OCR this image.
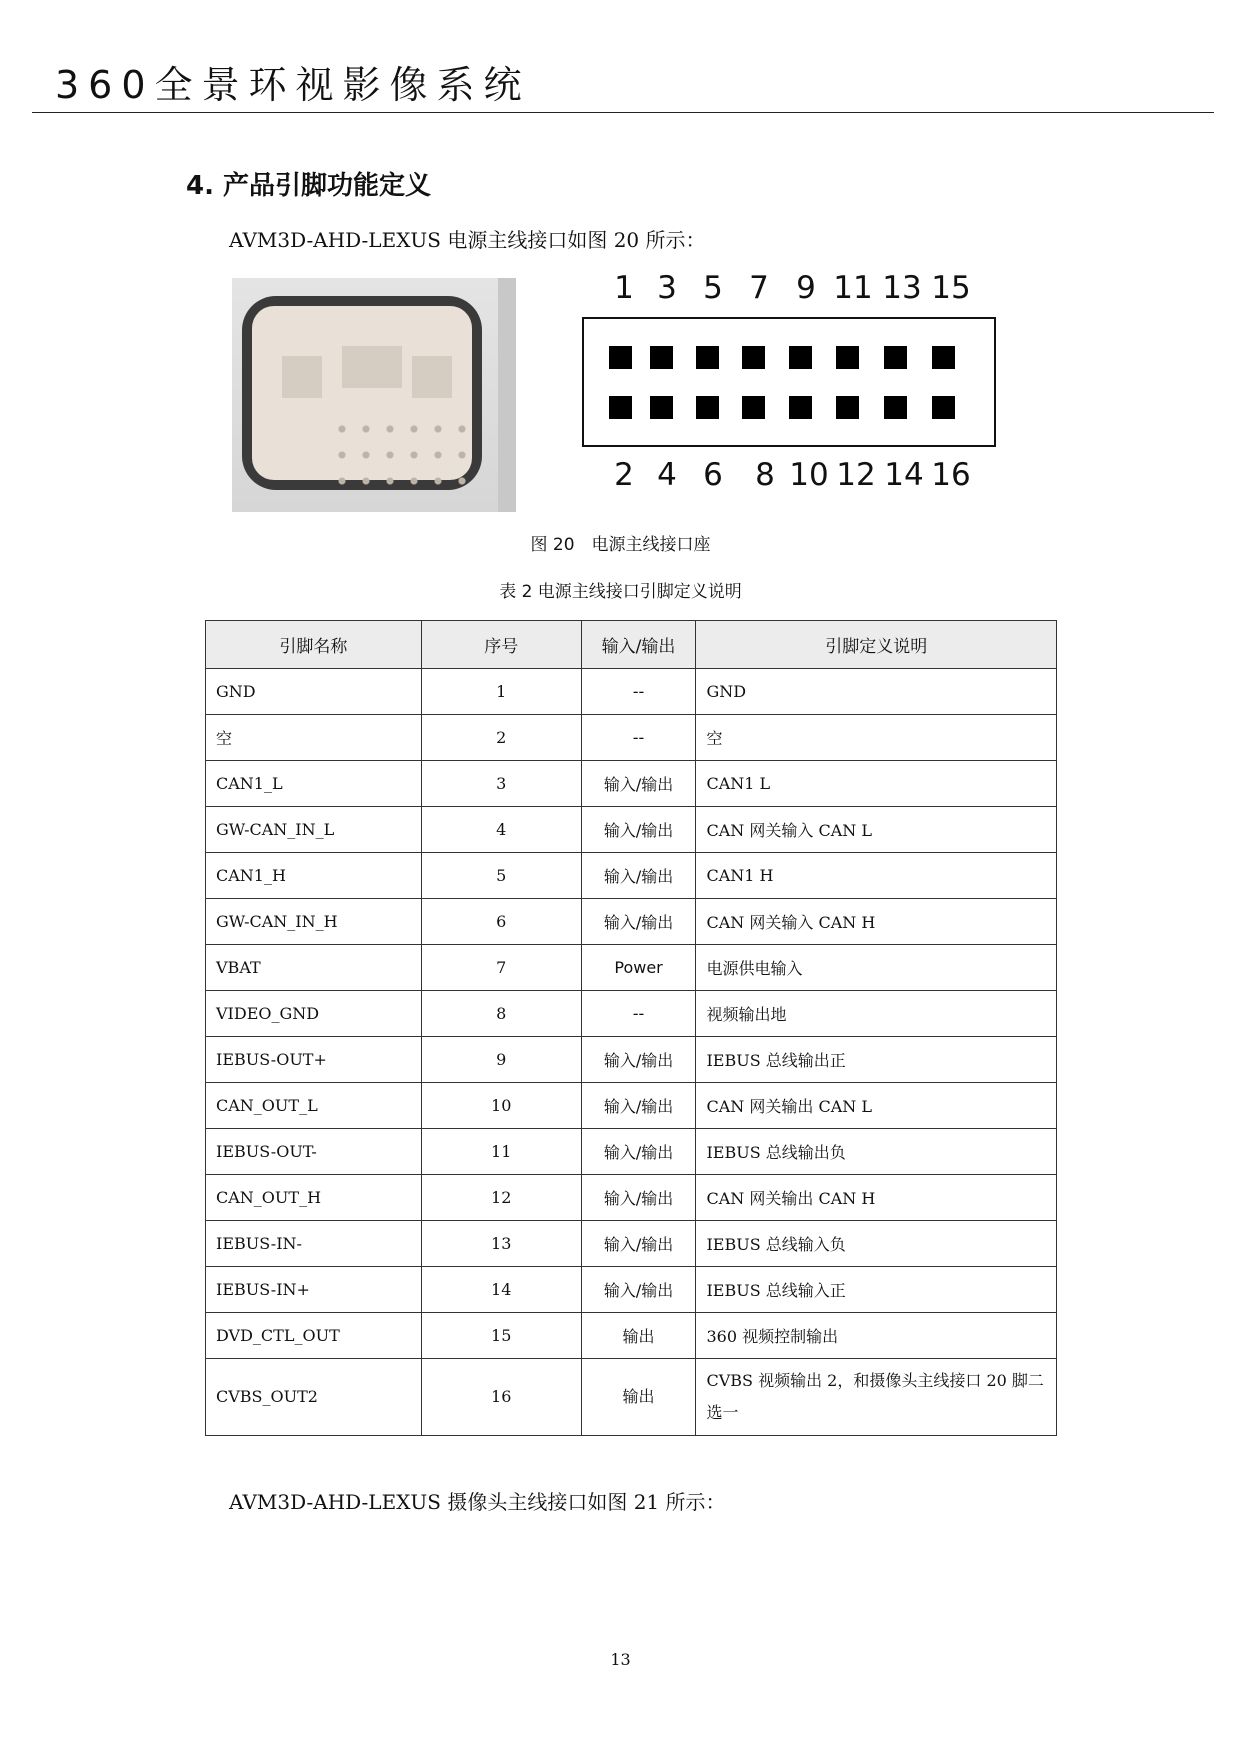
360全景环视影像系统
4. 产品引脚功能定义
AVM3D-AHD-LEXUS 电源主线接口如图 20 所示：
1 3 5 7 9 11 13 15
2 4 6 8 10 12 14 16
图 20　电源主线接口座
表 2 电源主线接口引脚定义说明
引脚名称	序号	输入/输出	引脚定义说明
GND	1	--	GND
空	2	--	空
CAN1_L	3	输入/输出	CAN1 L
GW-CAN_IN_L	4	输入/输出	CAN 网关输入 CAN L
CAN1_H	5	输入/输出	CAN1 H
GW-CAN_IN_H	6	输入/输出	CAN 网关输入 CAN H
VBAT	7	Power	电源供电输入
VIDEO_GND	8	--	视频输出地
IEBUS-OUT+	9	输入/输出	IEBUS 总线输出正
CAN_OUT_L	10	输入/输出	CAN 网关输出 CAN L
IEBUS-OUT-	11	输入/输出	IEBUS 总线输出负
CAN_OUT_H	12	输入/输出	CAN 网关输出 CAN H
IEBUS-IN-	13	输入/输出	IEBUS 总线输入负
IEBUS-IN+	14	输入/输出	IEBUS 总线输入正
DVD_CTL_OUT	15	输出	360 视频控制输出
CVBS_OUT2	16	输出	CVBS 视频输出 2，和摄像头主线接口 20 脚二选一
AVM3D-AHD-LEXUS 摄像头主线接口如图 21 所示：
13
